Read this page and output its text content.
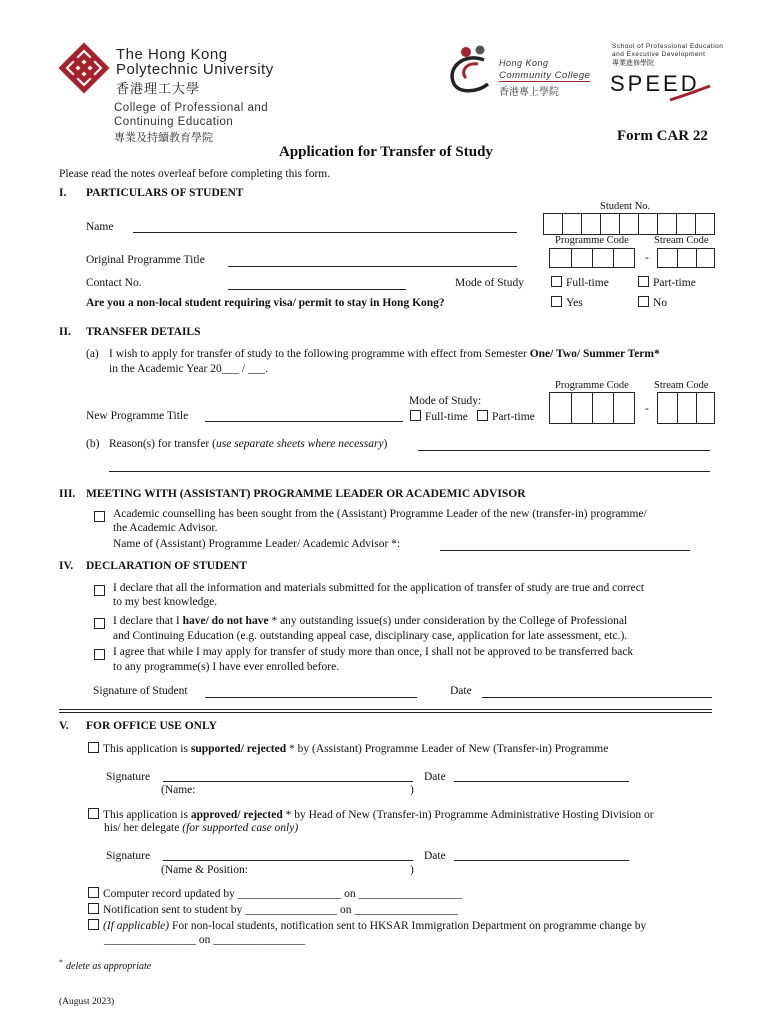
The Hong Kong
Polytechnic University
香港理工大學
College of Professional and
Continuing Education
專業及持續教育學院
Hong Kong
Community College
香港專上學院
School of Professional Education
and Executive Development
專業進修學院
SPEED
Form CAR 22
Application for Transfer of Study
Please read the notes overleaf before completing this form.
I. PARTICULARS OF STUDENT
Student No.
Name
Programme Code Stream Code
-
Original Programme Title
Contact No.	Mode of Study	Full-time	Part-time
Are you a non-local student requiring visa/ permit to stay in Hong Kong?	Yes	No
II. TRANSFER DETAILS
(a) I wish to apply for transfer of study to the following programme with effect from Semester One/ Two/ Summer Term*
in the Academic Year 20___ / ___.
Programme Code Stream Code
Mode of Study:
-
New Programme Title	Full-time	Part-time
(b) Reason(s) for transfer (use separate sheets where necessary)
III. MEETING WITH (ASSISTANT) PROGRAMME LEADER OR ACADEMIC ADVISOR
Academic counselling has been sought from the (Assistant) Programme Leader of the new (transfer-in) programme/
the Academic Advisor.
Name of (Assistant) Programme Leader/ Academic Advisor *:
IV. DECLARATION OF STUDENT
I declare that all the information and materials submitted for the application of transfer of study are true and correct
to my best knowledge.
I declare that I have/ do not have * any outstanding issue(s) under consideration by the College of Professional
and Continuing Education (e.g. outstanding appeal case, disciplinary case, application for late assessment, etc.).
I agree that while I may apply for transfer of study more than once, I shall not be approved to be transferred back
to any programme(s) I have ever enrolled before.
Signature of Student	Date
V. FOR OFFICE USE ONLY
This application is supported/ rejected * by (Assistant) Programme Leader of New (Transfer-in) Programme
Signature	Date
(Name:	)
This application is approved/ rejected * by Head of New (Transfer-in) Programme Administrative Hosting Division or
his/ her delegate (for supported case only)
Signature	Date
(Name & Position:	)
Computer record updated by __________________ on __________________
Notification sent to student by ________________ on __________________
(If applicable) For non-local students, notification sent to HKSAR Immigration Department on programme change by
________________ on ________________
* delete as appropriate
(August 2023)
